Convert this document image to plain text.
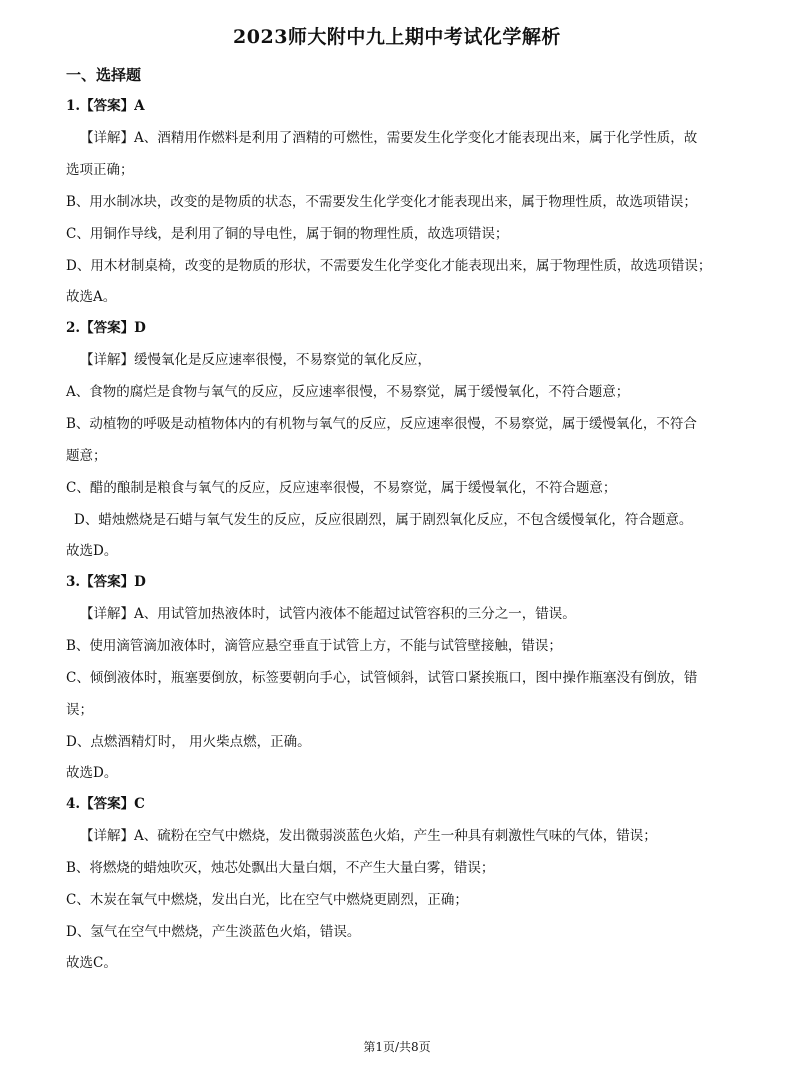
2023师大附中九上期中考试化学解析
一、选择题
1.【答案】A
【详解】A、酒精用作燃料是利用了酒精的可燃性，需要发生化学变化才能表现出来，属于化学性质，故
选项正确；
B、用水制冰块，改变的是物质的状态，不需要发生化学变化才能表现出来，属于物理性质，故选项错误；
C、用铜作导线，是利用了铜的导电性，属于铜的物理性质，故选项错误；
D、用木材制桌椅，改变的是物质的形状，不需要发生化学变化才能表现出来，属于物理性质，故选项错误；
故选A。
2.【答案】D
【详解】缓慢氧化是反应速率很慢，不易察觉的氧化反应，
A、食物的腐烂是食物与氧气的反应，反应速率很慢，不易察觉，属于缓慢氧化，不符合题意；
B、动植物的呼吸是动植物体内的有机物与氧气的反应，反应速率很慢，不易察觉，属于缓慢氧化，不符合
题意；
C、醋的酿制是粮食与氧气的反应，反应速率很慢，不易察觉，属于缓慢氧化，不符合题意；
D、蜡烛燃烧是石蜡与氧气发生的反应，反应很剧烈，属于剧烈氧化反应，不包含缓慢氧化，符合题意。
故选D。
3.【答案】D
【详解】A、用试管加热液体时，试管内液体不能超过试管容积的三分之一，错误。
B、使用滴管滴加液体时，滴管应悬空垂直于试管上方，不能与试管壁接触，错误；
C、倾倒液体时，瓶塞要倒放，标签要朝向手心，试管倾斜，试管口紧挨瓶口，图中操作瓶塞没有倒放，错
误；
D、点燃酒精灯时， 用火柴点燃，正确。
故选D。
4.【答案】C
【详解】A、硫粉在空气中燃烧，发出微弱淡蓝色火焰，产生一种具有刺激性气味的气体，错误；
B、将燃烧的蜡烛吹灭，烛芯处飘出大量白烟，不产生大量白雾，错误；
C、木炭在氧气中燃烧，发出白光，比在空气中燃烧更剧烈，正确；
D、氢气在空气中燃烧，产生淡蓝色火焰，错误。
故选C。
第1页/共8页
